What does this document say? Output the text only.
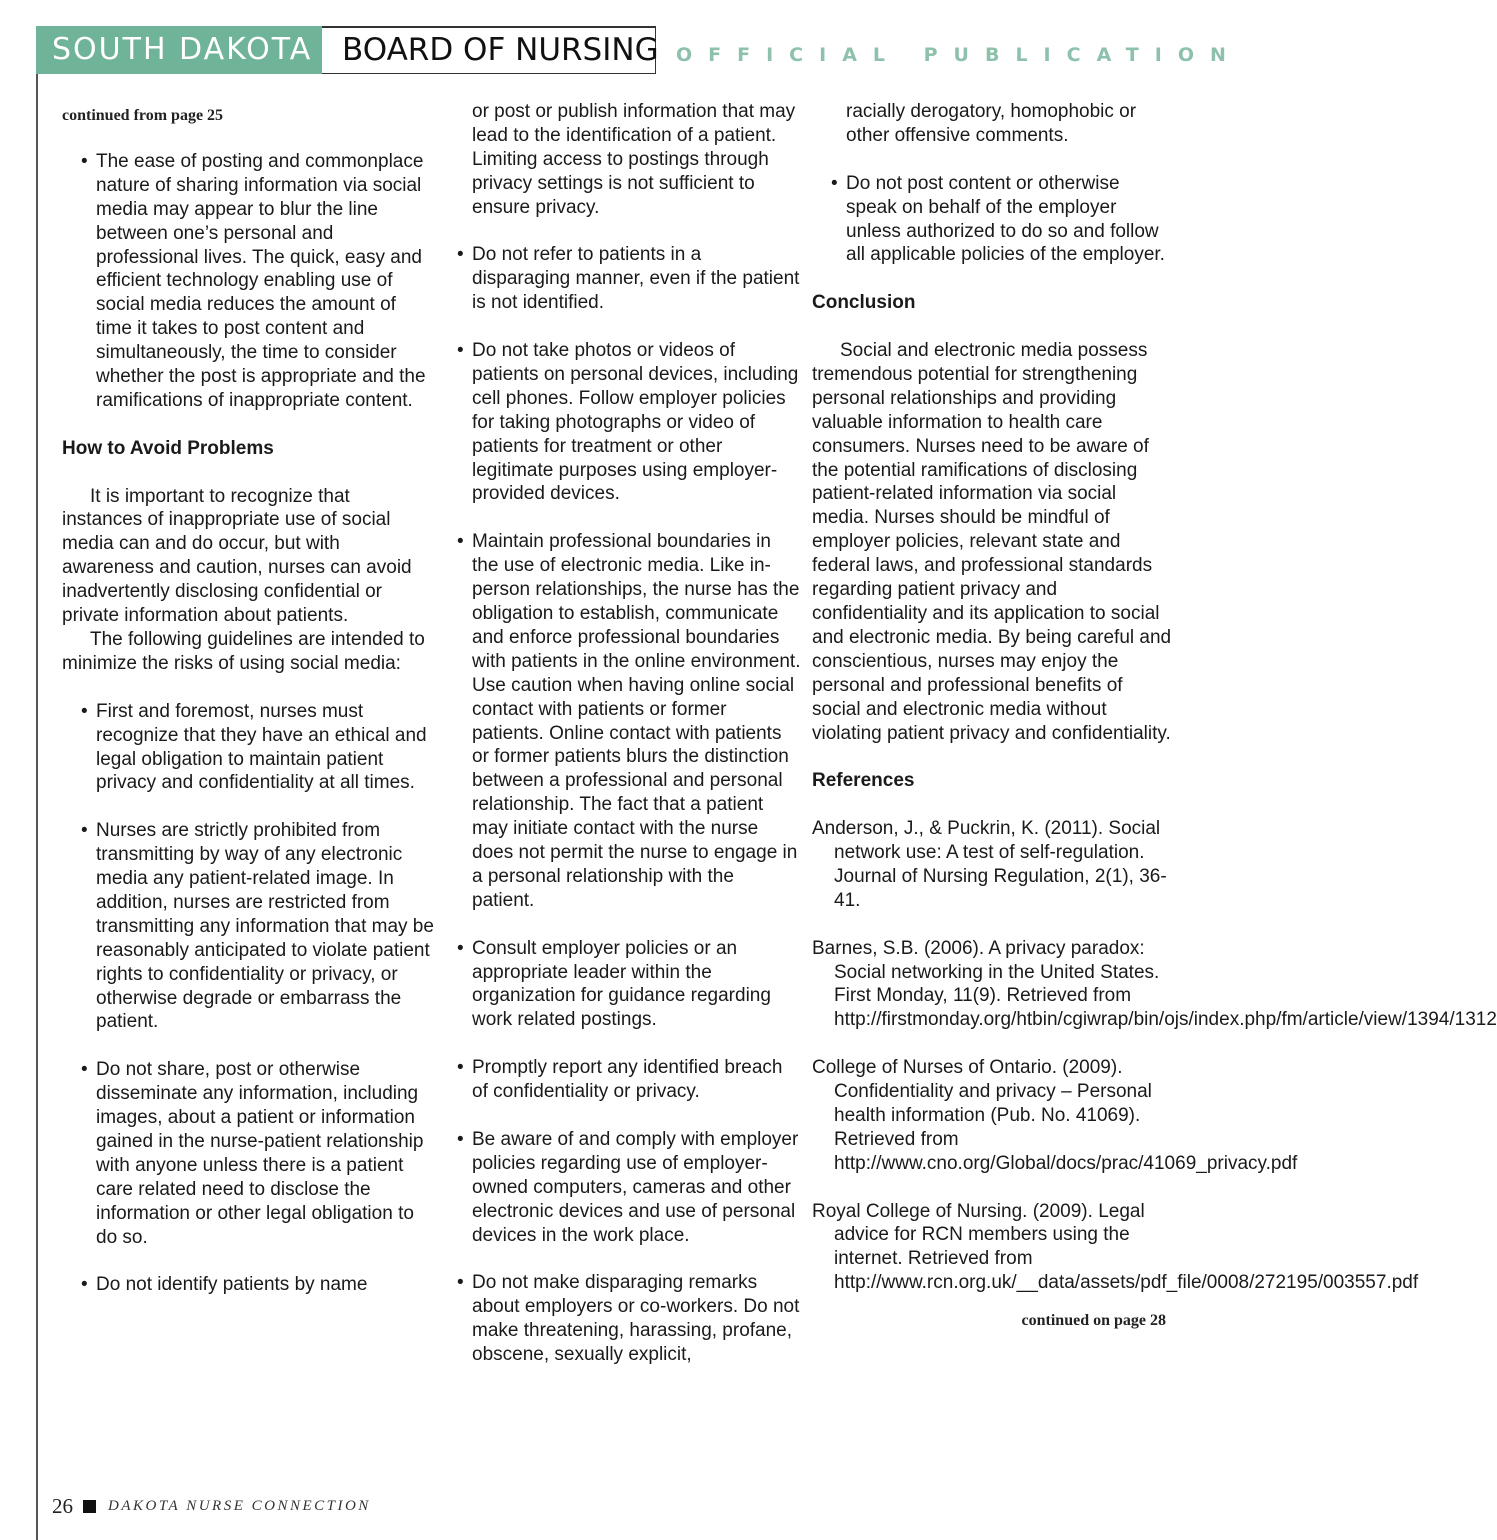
SOUTH DAKOTA BOARD OF NURSING OFFICIAL PUBLICATION
continued from page 25
• The ease of posting and commonplace nature of sharing information via social media may appear to blur the line between one’s personal and professional lives. The quick, easy and efficient technology enabling use of social media reduces the amount of time it takes to post content and simultaneously, the time to consider whether the post is appropriate and the ramifications of inappropriate content.
How to Avoid Problems

It is important to recognize that instances of inappropriate use of social media can and do occur, but with awareness and caution, nurses can avoid inadvertently disclosing confidential or private information about patients.

The following guidelines are intended to minimize the risks of using social media:

• First and foremost, nurses must recognize that they have an ethical and legal obligation to maintain patient privacy and confidentiality at all times.
• Nurses are strictly prohibited from transmitting by way of any electronic media any patient-related image. In addition, nurses are restricted from transmitting any information that may be reasonably anticipated to violate patient rights to confidentiality or privacy, or otherwise degrade or embarrass the patient.
• Do not share, post or otherwise disseminate any information, including images, about a patient or information gained in the nurse-patient relationship with anyone unless there is a patient care related need to disclose the information or other legal obligation to do so.
• Do not identify patients by name

or post or publish information that may lead to the identification of a patient. Limiting access to postings through privacy settings is not sufficient to ensure privacy.

• Do not refer to patients in a disparaging manner, even if the patient is not identified.
• Do not take photos or videos of patients on personal devices, including cell phones. Follow employer policies for taking photographs or video of patients for treatment or other legitimate purposes using employer-provided devices.
• Maintain professional boundaries in the use of electronic media. Like in-person relationships, the nurse has the obligation to establish, communicate and enforce professional boundaries with patients in the online environment. Use caution when having online social contact with patients or former patients. Online contact with patients or former patients blurs the distinction between a professional and personal relationship. The fact that a patient may initiate contact with the nurse does not permit the nurse to engage in a personal relationship with the patient.
• Consult employer policies or an appropriate leader within the organization for guidance regarding work related postings.
• Promptly report any identified breach of confidentiality or privacy.
• Be aware of and comply with employer policies regarding use of employer-owned computers, cameras and other electronic devices and use of personal devices in the work place.
• Do not make disparaging remarks about employers or co-workers. Do not make threatening, harassing, profane, obscene, sexually explicit,

racially derogatory, homophobic or other offensive comments.

• Do not post content or otherwise speak on behalf of the employer unless authorized to do so and follow all applicable policies of the employer.
Conclusion

Social and electronic media possess tremendous potential for strengthening personal relationships and providing valuable information to health care consumers. Nurses need to be aware of the potential ramifications of disclosing patient-related information via social media. Nurses should be mindful of employer policies, relevant state and federal laws, and professional standards regarding patient privacy and confidentiality and its application to social and electronic media. By being careful and conscientious, nurses may enjoy the personal and professional benefits of social and electronic media without violating patient privacy and confidentiality.

References

Anderson, J., & Puckrin, K. (2011). Social network use: A test of self-regulation. Journal of Nursing Regulation, 2(1), 36-41.

Barnes, S.B. (2006). A privacy paradox: Social networking in the United States. First Monday, 11(9). Retrieved from http://firstmonday.org/htbin/cgiwrap/bin/ojs/index.php/fm/article/view/1394/1312

College of Nurses of Ontario. (2009). Confidentiality and privacy – Personal health information (Pub. No. 41069). Retrieved from http://www.cno.org/Global/docs/prac/41069_privacy.pdf

Royal College of Nursing. (2009). Legal advice for RCN members using the internet. Retrieved from http://www.rcn.org.uk/__data/assets/pdf_file/0008/272195/003557.pdf

continued on page 28
26 DAKOTA NURSE CONNECTION
